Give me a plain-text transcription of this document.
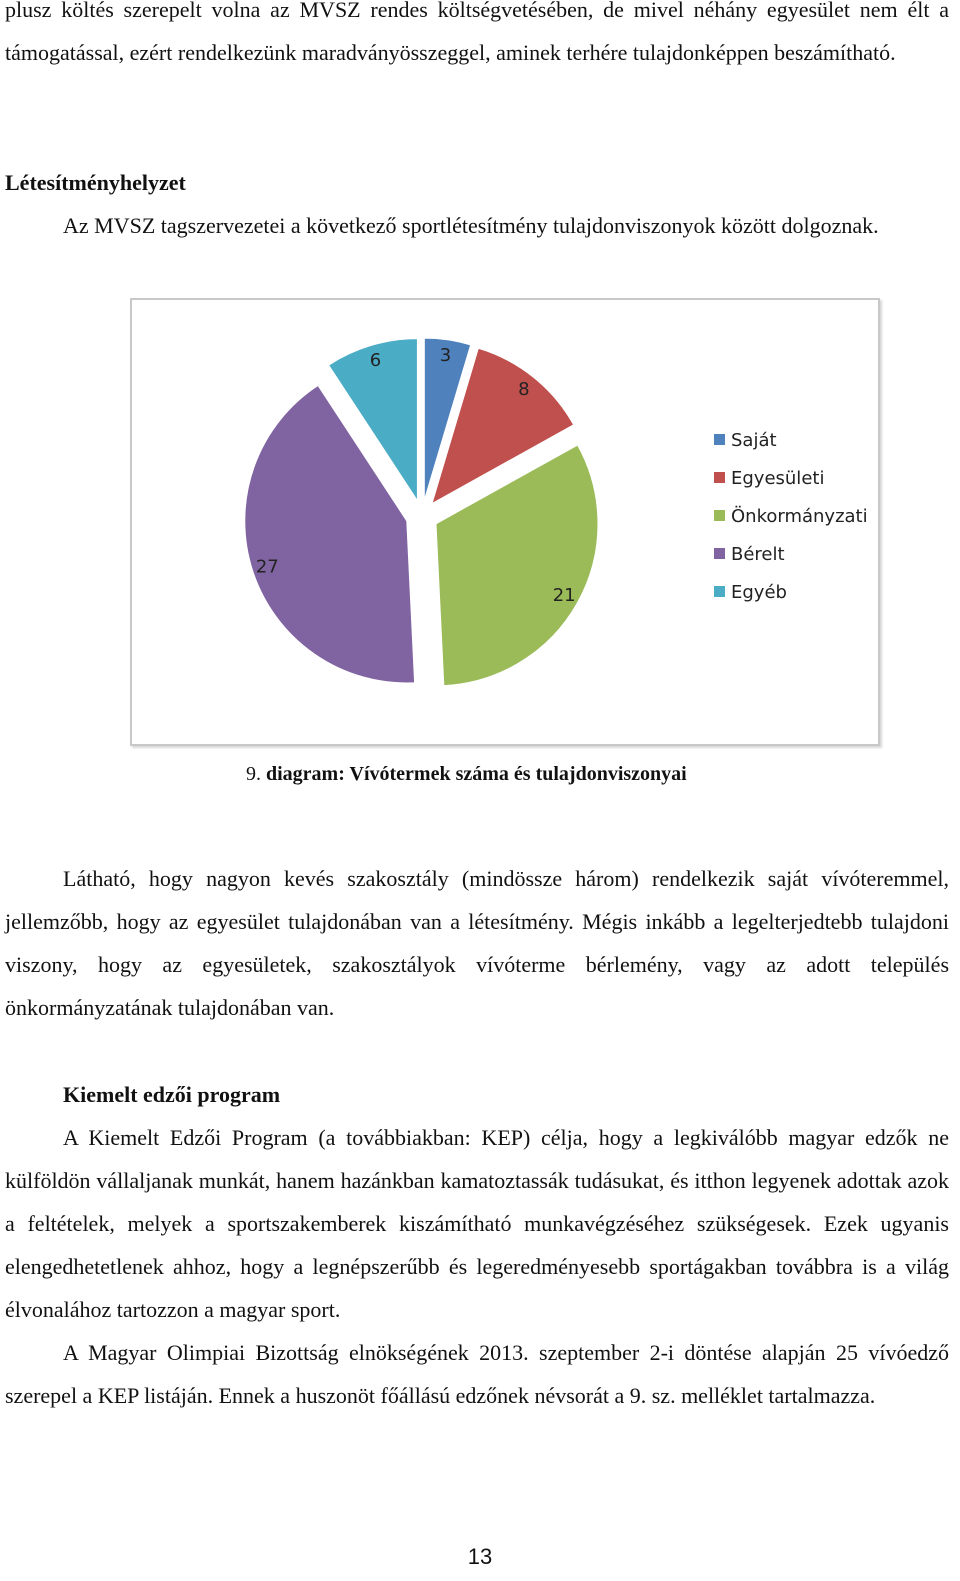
plusz költés szerepelt volna az MVSZ rendes költségvetésében, de mivel néhány egyesület nem élt a támogatással, ezért rendelkezünk maradványösszeggel, aminek terhére tulajdonképpen beszámítható.

Létesítményhelyzet

Az MVSZ tagszervezetei a következő sportlétesítmény tulajdonviszonyok között dolgoznak.

3
8
21
27
6
Saját
Egyesületi
Önkormányzati
Bérelt
Egyéb

9. diagram: Vívótermek száma és tulajdonviszonyai

Látható, hogy nagyon kevés szakosztály (mindössze három) rendelkezik saját vívóteremmel, jellemzőbb, hogy az egyesület tulajdonában van a létesítmény. Mégis inkább a legelterjedtebb tulajdoni viszony, hogy az egyesületek, szakosztályok vívóterme bérlemény, vagy az adott település önkormányzatának tulajdonában van.

Kiemelt edzői program

A Kiemelt Edzői Program (a továbbiakban: KEP) célja, hogy a legkiválóbb magyar edzők ne külföldön vállaljanak munkát, hanem hazánkban kamatoztassák tudásukat, és itthon legyenek adottak azok a feltételek, melyek a sportszakemberek kiszámítható munkavégzéséhez szükségesek. Ezek ugyanis elengedhetetlenek ahhoz, hogy a legnépszerűbb és legeredményesebb sportágakban továbbra is a világ élvonalához tartozzon a magyar sport.

A Magyar Olimpiai Bizottság elnökségének 2013. szeptember 2-i döntése alapján 25 vívóedző szerepel a KEP listáján. Ennek a huszonöt főállású edzőnek névsorát a 9. sz. melléklet tartalmazza.

13
